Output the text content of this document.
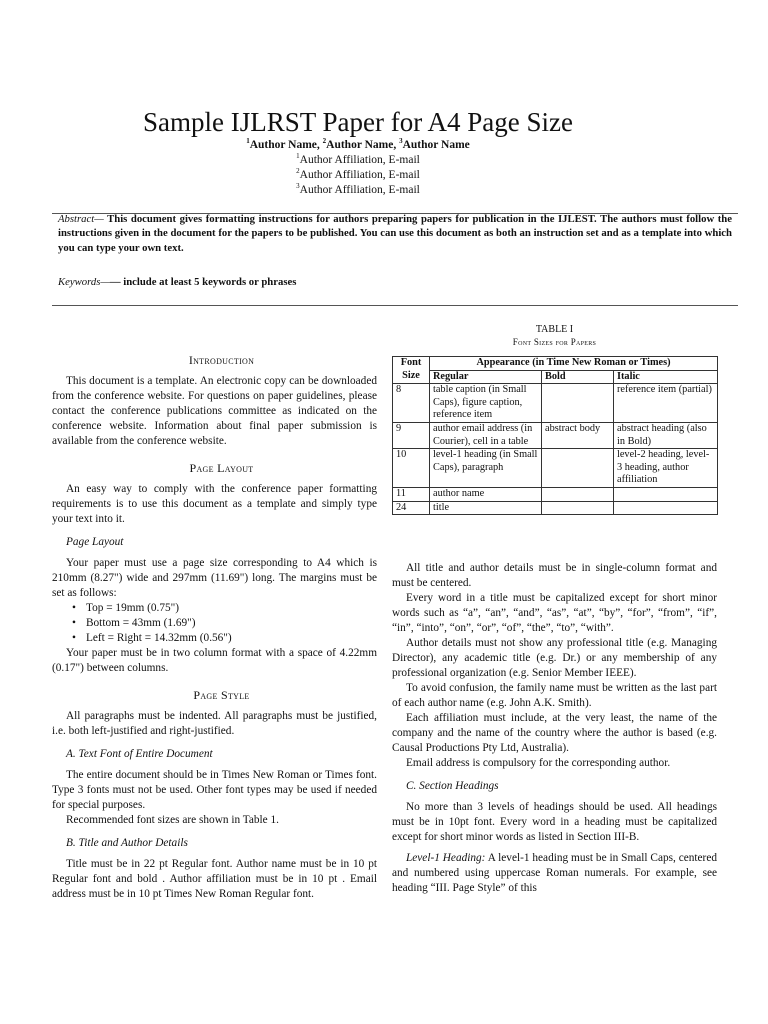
Sample IJLRST Paper for A4 Page Size
$^1$Author Name, $^2$Author Name, $^3$Author Name
$^1$Author Affiliation, E-mail
$^2$Author Affiliation, E-mail
$^3$Author Affiliation, E-mail
Abstract— This document gives formatting instructions for authors preparing papers for publication in the IJLEST. The authors must follow the instructions given in the document for the papers to be published. You can use this document as both an instruction set and as a template into which you can type your own text.
Keywords—— include at least 5 keywords or phrases

Introduction

This document is a template. An electronic copy can be downloaded from the conference website. For questions on paper guidelines, please contact the conference publications committee as indicated on the conference website. Information about final paper submission is available from the conference website.

Page Layout

An easy way to comply with the conference paper formatting requirements is to use this document as a template and simply type your text into it.

Page Layout

Your paper must use a page size corresponding to A4 which is 210mm (8.27") wide and 297mm (11.69") long. The margins must be set as follows:

• Top = 19mm (0.75")
• Bottom = 43mm (1.69")
• Left = Right = 14.32mm (0.56")

Your paper must be in two column format with a space of 4.22mm (0.17") between columns.

Page Style

All paragraphs must be indented. All paragraphs must be justified, i.e. both left-justified and right-justified.

A. Text Font of Entire Document

The entire document should be in Times New Roman or Times font. Type 3 fonts must not be used. Other font types may be used if needed for special purposes.

Recommended font sizes are shown in Table 1.

B. Title and Author Details

Title must be in 22 pt Regular font. Author name must be in 10 pt Regular font and bold . Author affiliation must be in 10 pt . Email address must be in 10 pt Times New Roman Regular font.

TABLE I
Font Sizes for Papers
Font Size	Appearance (in Time New Roman or Times)		
	Regular	Bold	Italic
8	table caption (in Small Caps), figure caption, reference item		reference item (partial)
9	author email address (in Courier), cell in a table	abstract body	abstract heading (also in Bold)
10	level-1 heading (in Small Caps), paragraph		level-2 heading, level-3 heading, author affiliation
11	author name		
24	title		

All title and author details must be in single-column format and must be centered.

Every word in a title must be capitalized except for short minor words such as “a”, “an”, “and”, “as”, “at”, “by”, “for”, “from”, “if”, “in”, “into”, “on”, “or”, “of”, “the”, “to”, “with”.

Author details must not show any professional title (e.g. Managing Director), any academic title (e.g. Dr.) or any membership of any professional organization (e.g. Senior Member IEEE).

To avoid confusion, the family name must be written as the last part of each author name (e.g. John A.K. Smith).

Each affiliation must include, at the very least, the name of the company and the name of the country where the author is based (e.g. Causal Productions Pty Ltd, Australia).

Email address is compulsory for the corresponding author.

C. Section Headings

No more than 3 levels of headings should be used. All headings must be in 10pt font. Every word in a heading must be capitalized except for short minor words as listed in Section III-B.

Level-1 Heading: A level-1 heading must be in Small Caps, centered and numbered using uppercase Roman numerals. For example, see heading “III. Page Style” of this
